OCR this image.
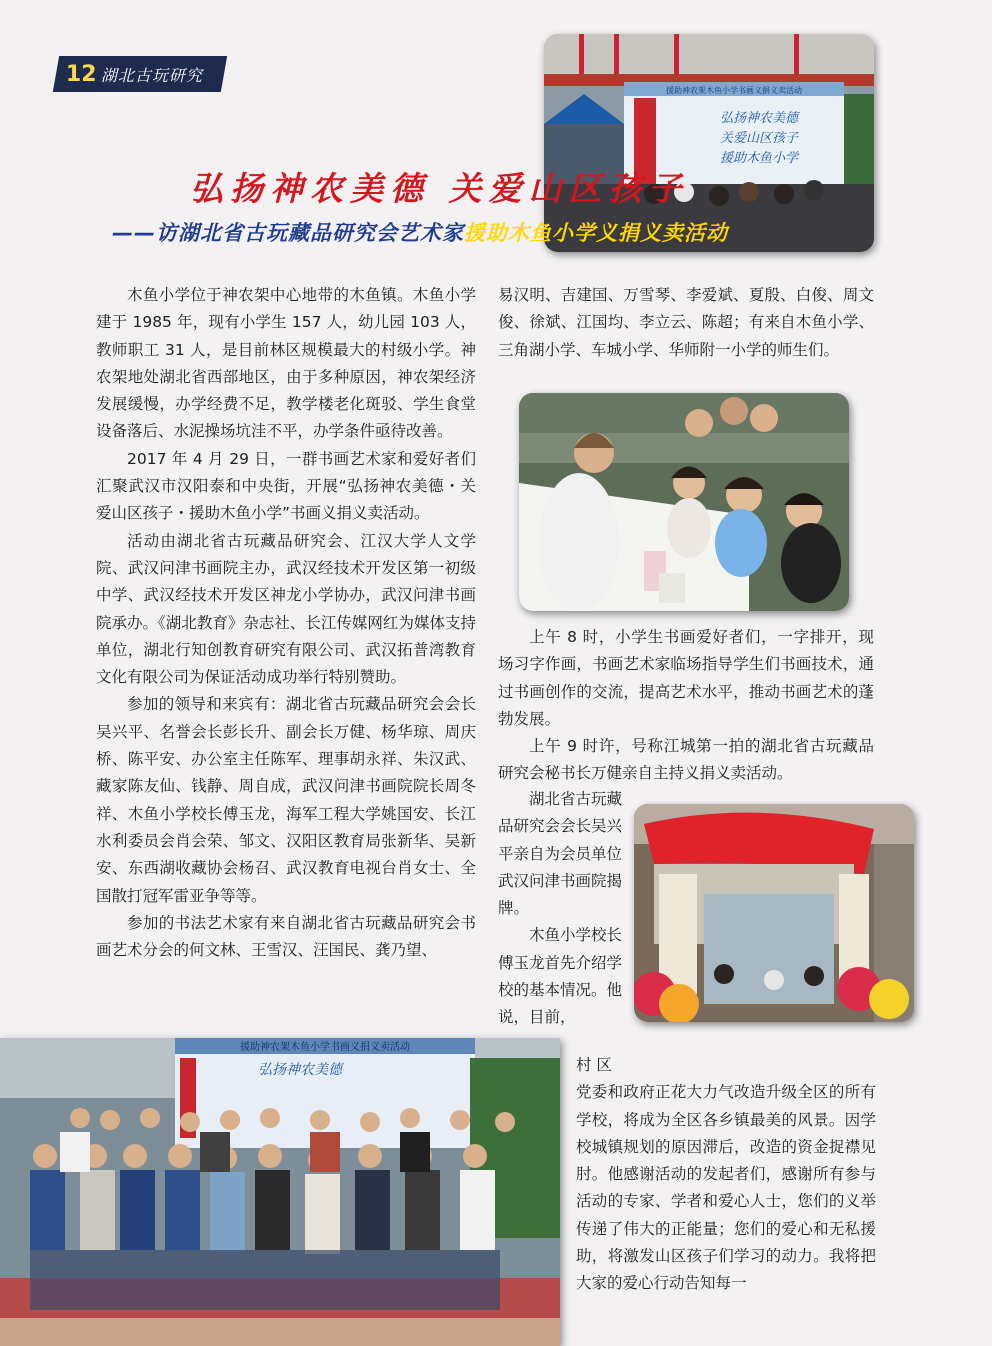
12 湖北古玩研究
援助神农架木鱼小学书画义捐义卖活动
弘扬神农美德
关爱山区孩子
援助木鱼小学
弘扬神农美德 关爱山区孩子
——访湖北省古玩藏品研究会艺术家援助木鱼小学义捐义卖活动

木鱼小学位于神农架中心地带的木鱼镇。木鱼小学建于 1985 年，现有小学生 157 人，幼儿园 103 人，教师职工 31 人，是目前林区规模最大的村级小学。神农架地处湖北省西部地区，由于多种原因，神农架经济发展缓慢，办学经费不足，教学楼老化斑驳、学生食堂设备落后、水泥操场坑洼不平，办学条件亟待改善。

2017 年 4 月 29 日，一群书画艺术家和爱好者们汇聚武汉市汉阳泰和中央街，开展“弘扬神农美德・关爱山区孩子・援助木鱼小学”书画义捐义卖活动。

活动由湖北省古玩藏品研究会、江汉大学人文学院、武汉问津书画院主办，武汉经技术开发区第一初级中学、武汉经技术开发区神龙小学协办，武汉问津书画院承办。《湖北教育》杂志社、长江传媒网红为媒体支持单位，湖北行知创教育研究有限公司、武汉拓普湾教育文化有限公司为保证活动成功举行特别赞助。

参加的领导和来宾有：湖北省古玩藏品研究会会长吴兴平、名誉会长彭长升、副会长万健、杨华琼、周庆桥、陈平安、办公室主任陈军、理事胡永祥、朱汉武、藏家陈友仙、钱静、周自成，武汉问津书画院院长周冬祥、木鱼小学校长傅玉龙，海军工程大学姚国安、长江水利委员会肖会荣、邹文、汉阳区教育局张新华、吴新安、东西湖收藏协会杨召、武汉教育电视台肖女士、全国散打冠军雷亚争等等。

参加的书法艺术家有来自湖北省古玩藏品研究会书画艺术分会的何文林、王雪汉、汪国民、龚乃望、

易汉明、吉建国、万雪琴、李爱斌、夏殷、白俊、周文俊、徐斌、江国均、李立云、陈超；有来自木鱼小学、三角湖小学、车城小学、华师附一小学的师生们。

上午 8 时，小学生书画爱好者们，一字排开，现场习字作画，书画艺术家临场指导学生们书画技术，通过书画创作的交流，提高艺术水平，推动书画艺术的蓬勃发展。

上午 9 时许，号称江城第一拍的湖北省古玩藏品研究会秘书长万健亲自主持义捐义卖活动。

湖北省古玩藏品研究会会长吴兴平亲自为会员单位武汉问津书画院揭牌。

木鱼小学校长傅玉龙首先介绍学校的基本情况。他说，目前，

援助神农架木鱼小学书画义捐义卖活动
弘扬神农美德	村 区

党委和政府正花大力气改造升级全区的所有学校，将成为全区各乡镇最美的风景。因学校城镇规划的原因滞后，改造的资金捉襟见肘。他感谢活动的发起者们，感谢所有参与活动的专家、学者和爱心人士，您们的义举传递了伟大的正能量；您们的爱心和无私援助，将激发山区孩子们学习的动力。我将把大家的爱心行动告知每一
